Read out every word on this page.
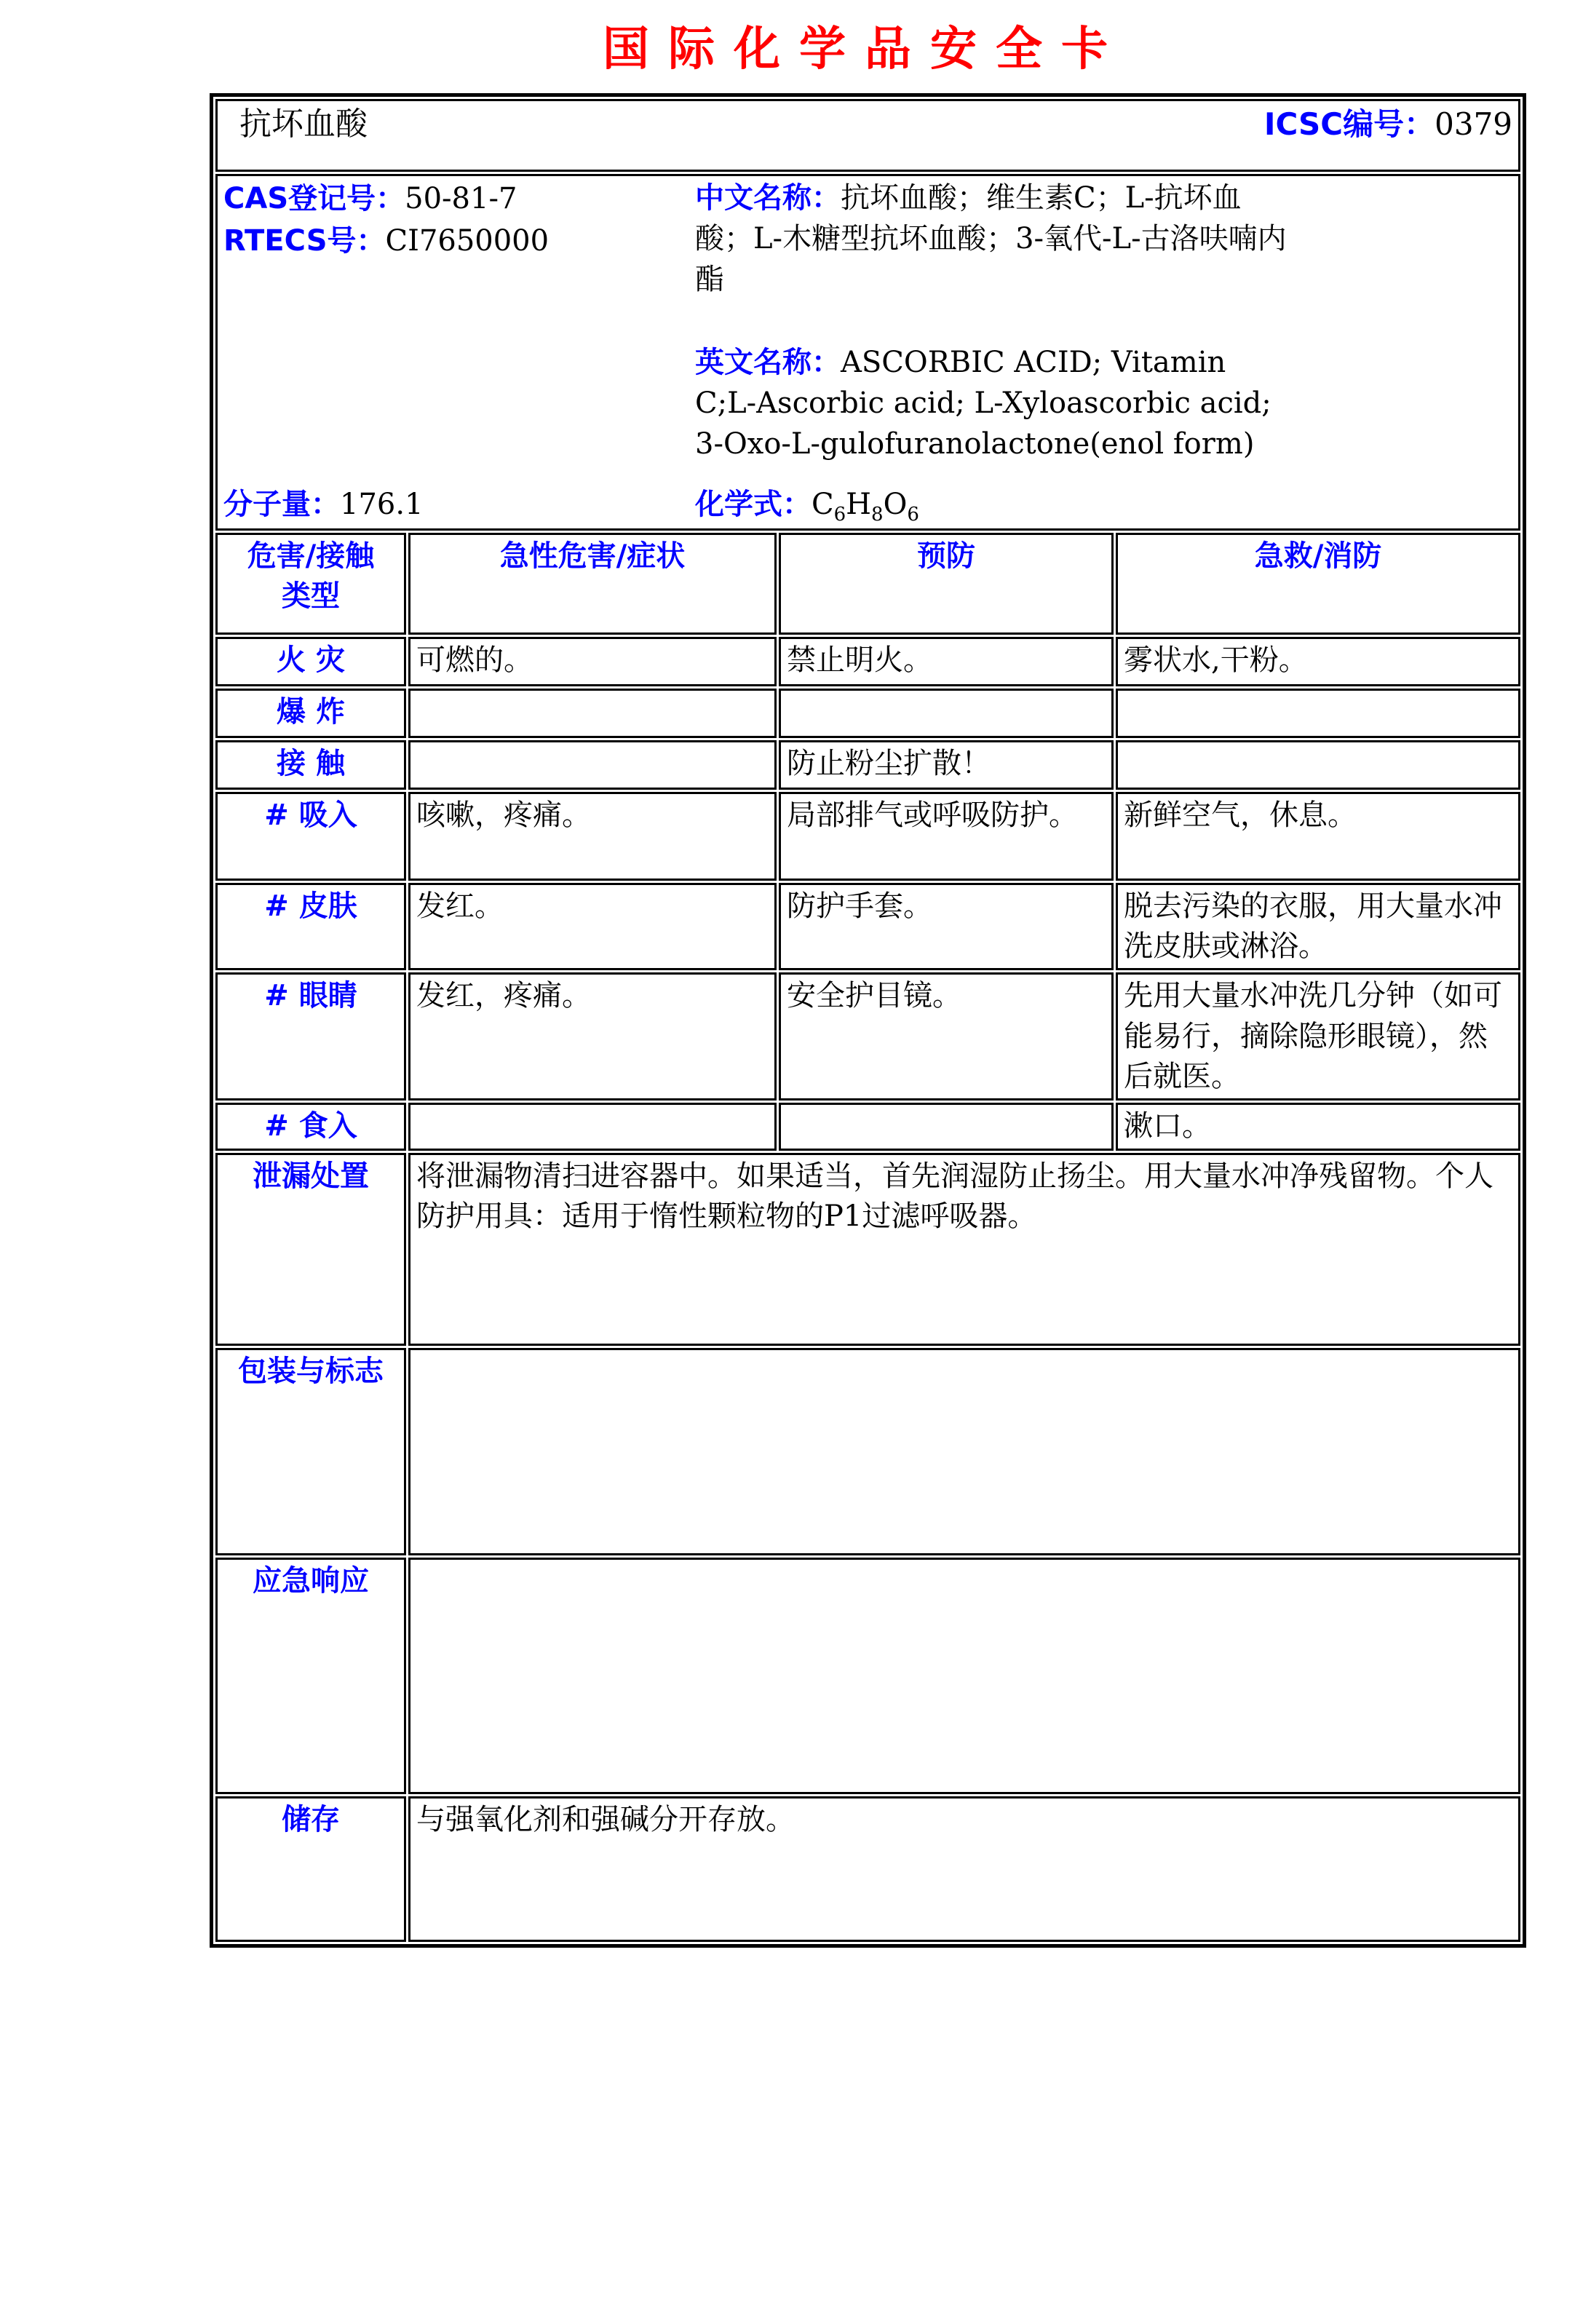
国际化学品安全卡
抗坏血酸 ICSC编号：0379			

CAS登记号：50-81-7
RTECS号：CI7650000
分子量：176.1
中文名称：抗坏血酸；维生素C；L-抗坏血酸；L-木糖型抗坏血酸；3-氧代-L-古洛呋喃内酯
英文名称：ASCORBIC ACID; Vitamin C;L-Ascorbic acid; L-Xyloascorbic acid; 3-Oxo-L-gulofuranolactone(enol form)
化学式：$C_6H_8O_6$

危害/接触类型	急性危害/症状	预防	急救/消防
火 灾	可燃的。	禁止明火。	雾状水,干粉。
爆 炸			
接 触		防止粉尘扩散！	
# 吸入	咳嗽，疼痛。	局部排气或呼吸防护。	新鲜空气，休息。
# 皮肤	发红。	防护手套。	脱去污染的衣服，用大量水冲洗皮肤或淋浴。
# 眼睛	发红，疼痛。	安全护目镜。	先用大量水冲洗几分钟（如可能易行，摘除隐形眼镜），然后就医。
# 食入			漱口。
泄漏处置	将泄漏物清扫进容器中。如果适当，首先润湿防止扬尘。用大量水冲净残留物。个人防护用具：适用于惰性颗粒物的P1过滤呼吸器。		
包装与标志			
应急响应			
储存	与强氧化剂和强碱分开存放。		
